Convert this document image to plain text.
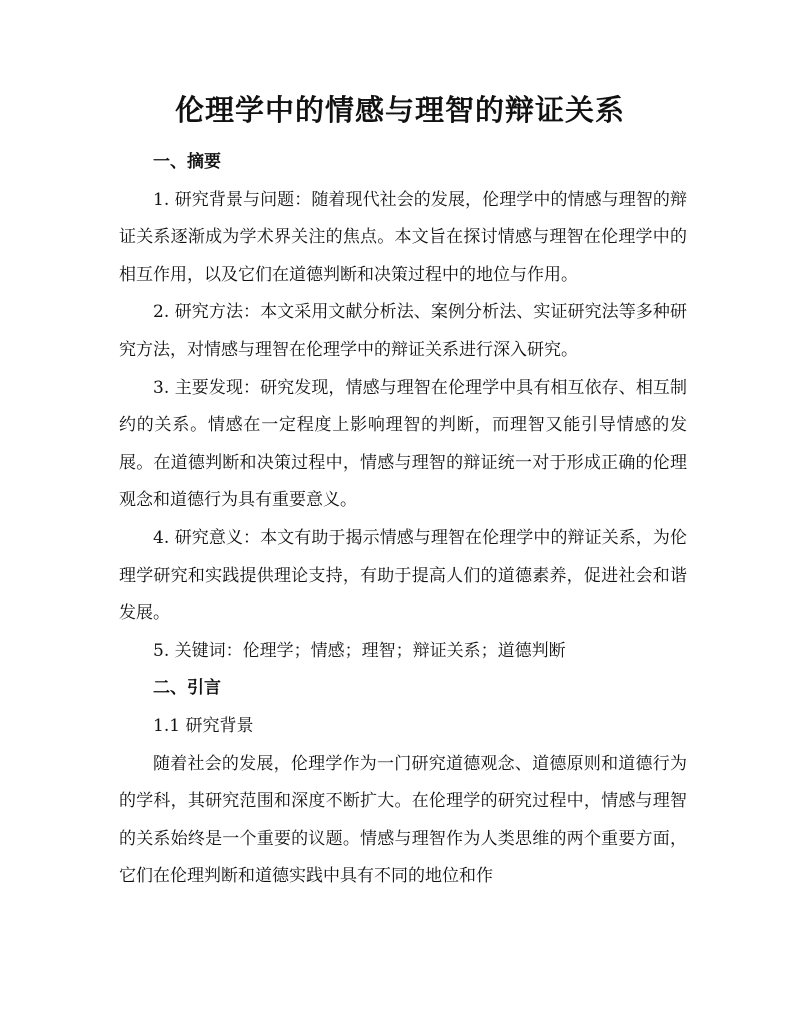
伦理学中的情感与理智的辩证关系

一、摘要

1. 研究背景与问题：随着现代社会的发展，伦理学中的情感与理智的辩证关系逐渐成为学术界关注的焦点。本文旨在探讨情感与理智在伦理学中的相互作用，以及它们在道德判断和决策过程中的地位与作用。

2. 研究方法：本文采用文献分析法、案例分析法、实证研究法等多种研究方法，对情感与理智在伦理学中的辩证关系进行深入研究。

3. 主要发现：研究发现，情感与理智在伦理学中具有相互依存、相互制约的关系。情感在一定程度上影响理智的判断，而理智又能引导情感的发展。在道德判断和决策过程中，情感与理智的辩证统一对于形成正确的伦理观念和道德行为具有重要意义。

4. 研究意义：本文有助于揭示情感与理智在伦理学中的辩证关系，为伦理学研究和实践提供理论支持，有助于提高人们的道德素养，促进社会和谐发展。

5. 关键词：伦理学；情感；理智；辩证关系；道德判断

二、引言

1.1 研究背景

随着社会的发展，伦理学作为一门研究道德观念、道德原则和道德行为的学科，其研究范围和深度不断扩大。在伦理学的研究过程中，情感与理智的关系始终是一个重要的议题。情感与理智作为人类思维的两个重要方面，它们在伦理判断和道德实践中具有不同的地位和作
